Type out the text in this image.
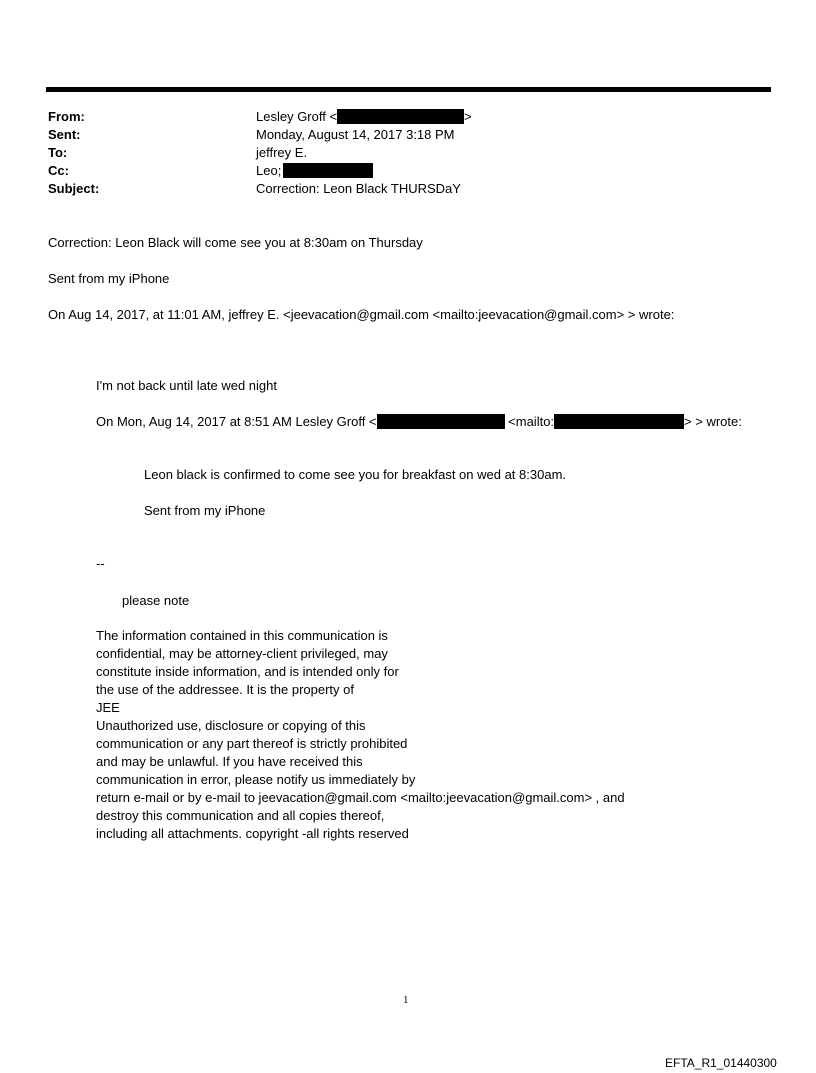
From:	Lesley Groff <	>
Sent:	Monday, August 14, 2017 3:18 PM
To:	jeffrey E.
Cc:	Leo;
Subject:	Correction: Leon Black THURSDaY
Correction: Leon Black will come see you at 8:30am on Thursday
Sent from my iPhone
On Aug 14, 2017, at 11:01 AM, jeffrey E. <jeevacation@gmail.com <mailto:jeevacation@gmail.com> > wrote:
I'm not back until late wed night
On Mon, Aug 14, 2017 at 8:51 AM Lesley Groff <	<mailto:	> > wrote:
Leon black is confirmed to come see you for breakfast on wed at 8:30am.
Sent from my iPhone
--
please note
The information contained in this communication is
confidential, may be attorney-client privileged, may
constitute inside information, and is intended only for
the use of the addressee. It is the property of
JEE
Unauthorized use, disclosure or copying of this
communication or any part thereof is strictly prohibited
and may be unlawful. If you have received this
communication in error, please notify us immediately by
return e-mail or by e-mail to jeevacation@gmail.com <mailto:jeevacation@gmail.com> , and
destroy this communication and all copies thereof,
including all attachments. copyright -all rights reserved
1
EFTA_R1_01440300
